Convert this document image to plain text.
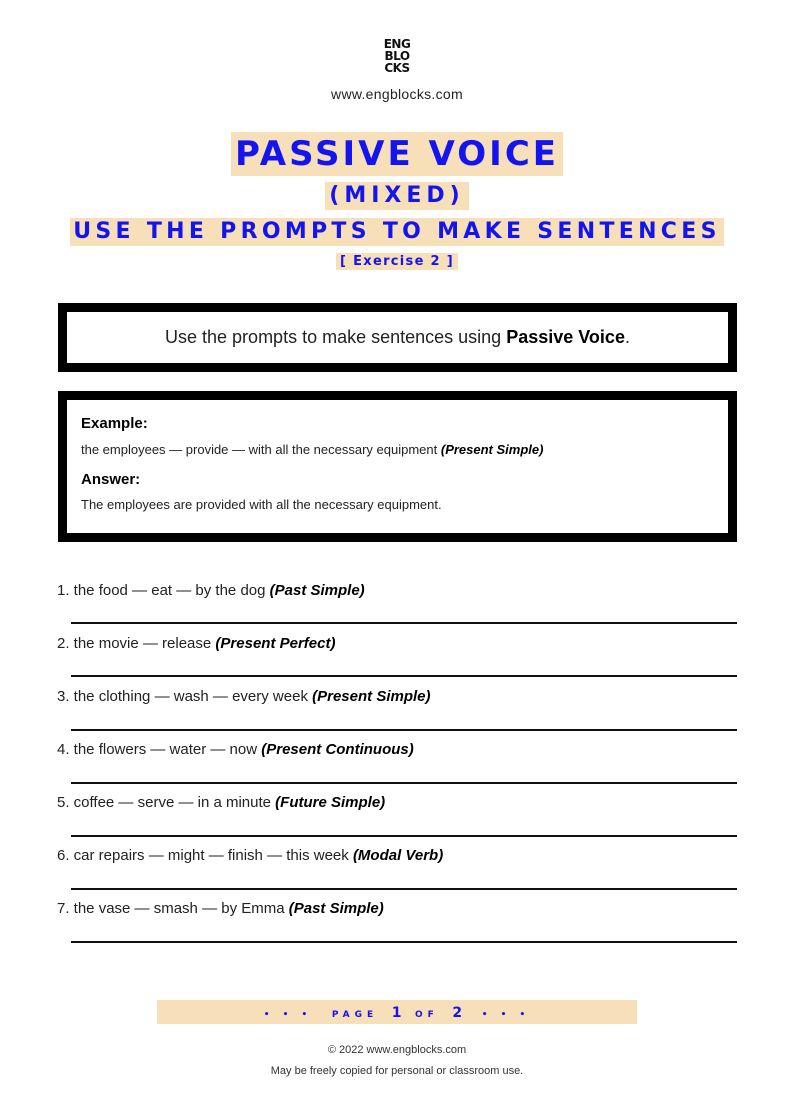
ENG
BLO
CKS
www.engblocks.com
PASSIVE VOICE
(MIXED)
USE THE PROMPTS TO MAKE SENTENCES
[ Exercise 2 ]
Use the prompts to make sentences using Passive Voice.
Example:
the employees — provide — with all the necessary equipment (Present Simple)
Answer:
The employees are provided with all the necessary equipment.
1. the food — eat — by the dog (Past Simple)
2. the movie — release (Present Perfect)
3. the clothing — wash — every week (Present Simple)
4. the flowers — water — now (Present Continuous)
5. coffee — serve — in a minute (Future Simple)
6. car repairs — might — finish — this week (Modal Verb)
7. the vase — smash — by Emma (Past Simple)
• • • PAGE 1 OF 2 • • •
© 2022 www.engblocks.com
May be freely copied for personal or classroom use.
